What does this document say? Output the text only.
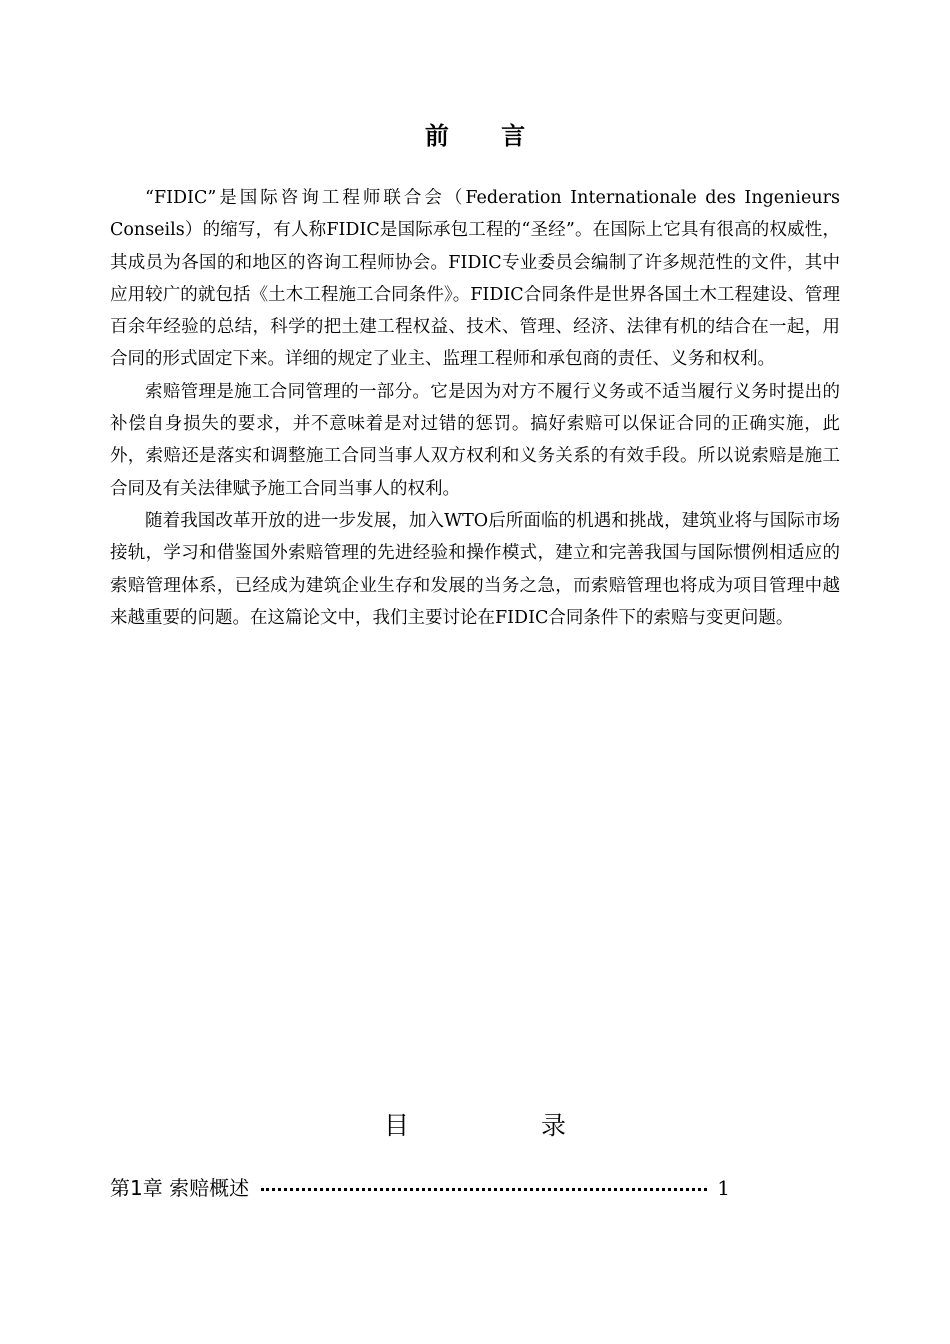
前 言

“FIDIC”是国际咨询工程师联合会（Federation Internationale des Ingenieurs Conseils）的缩写，有人称FIDIC是国际承包工程的“圣经”。在国际上它具有很高的权威性，其成员为各国的和地区的咨询工程师协会。FIDIC专业委员会编制了许多规范性的文件，其中应用较广的就包括《土木工程施工合同条件》。FIDIC合同条件是世界各国土木工程建设、管理百余年经验的总结，科学的把土建工程权益、技术、管理、经济、法律有机的结合在一起，用合同的形式固定下来。详细的规定了业主、监理工程师和承包商的责任、义务和权利。

索赔管理是施工合同管理的一部分。它是因为对方不履行义务或不适当履行义务时提出的补偿自身损失的要求，并不意味着是对过错的惩罚。搞好索赔可以保证合同的正确实施，此外，索赔还是落实和调整施工合同当事人双方权利和义务关系的有效手段。所以说索赔是施工合同及有关法律赋予施工合同当事人的权利。

随着我国改革开放的进一步发展，加入WTO后所面临的机遇和挑战，建筑业将与国际市场接轨，学习和借鉴国外索赔管理的先进经验和操作模式，建立和完善我国与国际惯例相适应的索赔管理体系，已经成为建筑企业生存和发展的当务之急，而索赔管理也将成为项目管理中越来越重要的问题。在这篇论文中，我们主要讨论在FIDIC合同条件下的索赔与变更问题。

目 录
第1章 索赔概述	1
